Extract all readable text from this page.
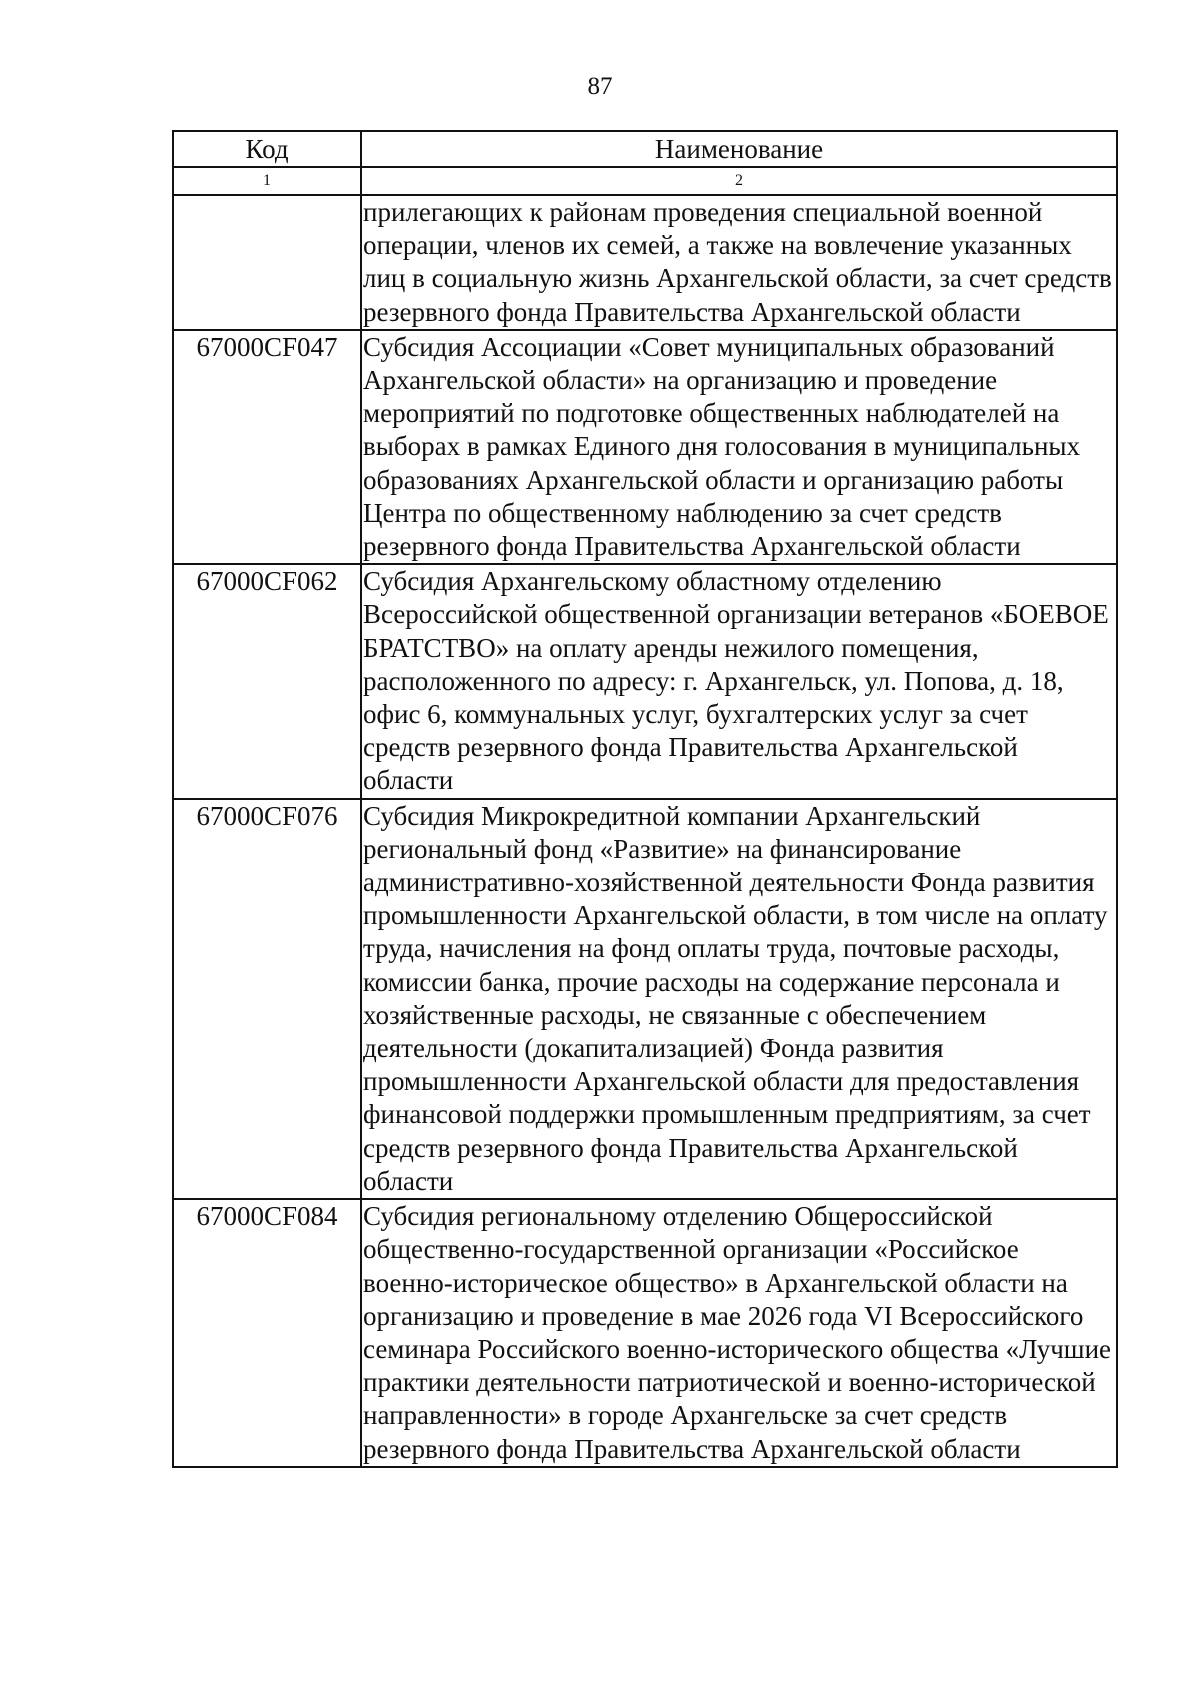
87
Код	Наименование
1	2
	прилегающих к районам проведения специальной военной операции, членов их семей, а также на вовлечение указанных лиц в социальную жизнь Архангельской области, за счет средств резервного фонда Правительства Архангельской области
67000CF047	Субсидия Ассоциации «Совет муниципальных образований Архангельской области» на организацию и проведение мероприятий по подготовке общественных наблюдателей на выборах в рамках Единого дня голосования в муниципальных образованиях Архангельской области и организацию работы Центра по общественному наблюдению за счет средств резервного фонда Правительства Архангельской области
67000CF062	Субсидия Архангельскому областному отделению Всероссийской общественной организации ветеранов «БОЕВОЕ БРАТСТВО» на оплату аренды нежилого помещения, расположенного по адресу: г. Архангельск, ул. Попова, д. 18, офис 6, коммунальных услуг, бухгалтерских услуг за счет средств резервного фонда Правительства Архангельской области
67000CF076	Субсидия Микрокредитной компании Архангельский региональный фонд «Развитие» на финансирование административно-хозяйственной деятельности Фонда развития промышленности Архангельской области, в том числе на оплату труда, начисления на фонд оплаты труда, почтовые расходы, комиссии банка, прочие расходы на содержание персонала и хозяйственные расходы, не связанные с обеспечением деятельности (докапитализацией) Фонда развития промышленности Архангельской области для предоставления финансовой поддержки промышленным предприятиям, за счет средств резервного фонда Правительства Архангельской области
67000CF084	Субсидия региональному отделению Общероссийской общественно-государственной организации «Российское военно-историческое общество» в Архангельской области на организацию и проведение в мае 2026 года VI Всероссийского семинара Российского военно-исторического общества «Лучшие практики деятельности патриотической и военно-исторической направленности» в городе Архангельске за счет средств резервного фонда Правительства Архангельской области
